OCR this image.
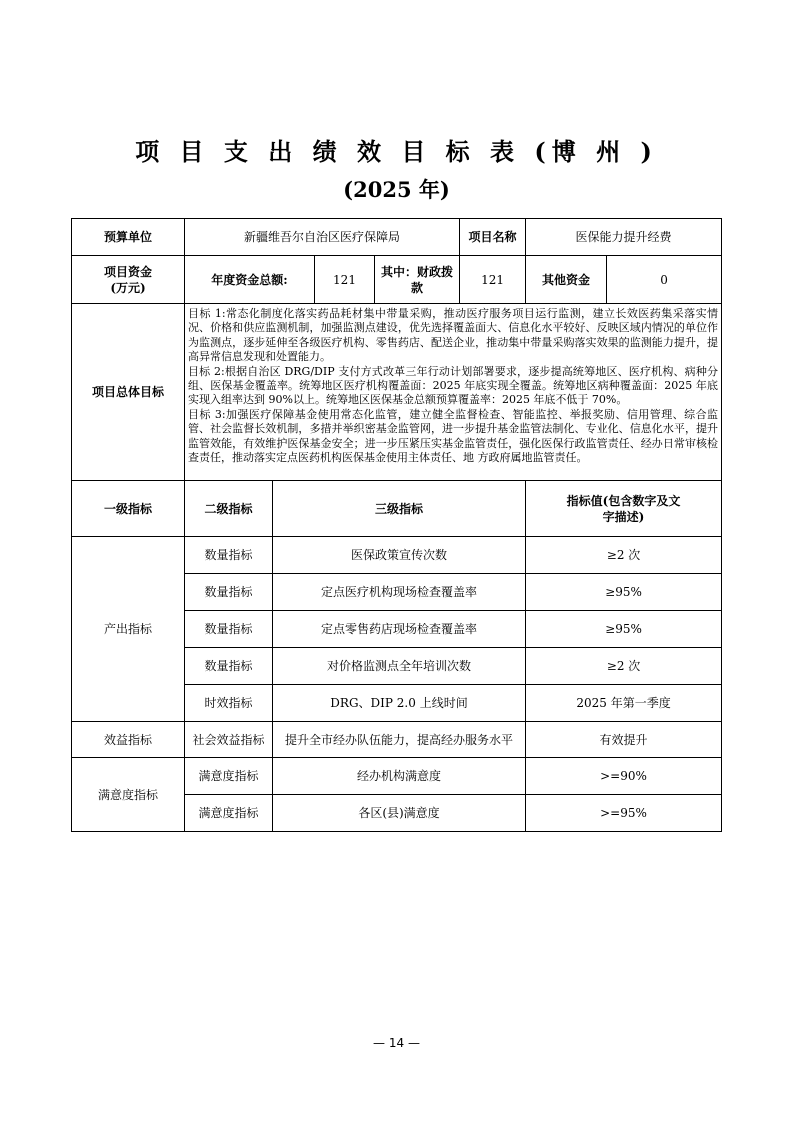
项 目 支 出 绩 效 目 标 表 (博 州 )
(2025 年)
预算单位	新疆维吾尔自治区医疗保障局				项目名称	医保能力提升经费	
项目资金
(万元)	年度资金总额:		121	其中：财政拨款	121	其他资金	0
项目总体目标	目标 1:常态化制度化落实药品耗材集中带量采购，推动医疗服务项目运行监测，建立长效医药集采落实情况、价格和供应监测机制，加强监测点建设，优先选择覆盖面大、信息化水平较好、反映区域内情况的单位作为监测点，逐步延伸至各级医疗机构、零售药店、配送企业，推动集中带量采购落实效果的监测能力提升，提高异常信息发现和处置能力。
目标 2:根据自治区 DRG/DIP 支付方式改革三年行动计划部署要求，逐步提高统筹地区、医疗机构、病种分组、医保基金覆盖率。统筹地区医疗机构覆盖面：2025 年底实现全覆盖。统筹地区病种覆盖面：2025 年底实现入组率达到 90%以上。统筹地区医保基金总额预算覆盖率：2025 年底不低于 70%。
目标 3:加强医疗保障基金使用常态化监管，建立健全监督检查、智能监控、举报奖励、信用管理、综合监管、社会监督长效机制，多措并举织密基金监管网，进一步提升基金监管法制化、专业化、信息化水平，提升监管效能，有效维护医保基金安全；进一步压紧压实基金监管责任，强化医保行政监管责任、经办日常审核检查责任，推动落实定点医药机构医保基金使用主体责任、地 方政府属地监管责任。						

一级指标	二级指标	三级指标				指标值(包含数字及文
字描述)	
产出指标	数量指标	医保政策宣传次数				≥2 次	
	数量指标	定点医疗机构现场检查覆盖率				≥95%	
	数量指标	定点零售药店现场检查覆盖率				≥95%	
	数量指标	对价格监测点全年培训次数				≥2 次	
	时效指标	DRG、DIP 2.0 上线时间				2025 年第一季度	
效益指标	社会效益指标	提升全市经办队伍能力，提高经办服务水平				有效提升	
满意度指标	满意度指标	经办机构满意度				>=90%	
	满意度指标	各区(县)满意度				>=95%	
— 14 —
